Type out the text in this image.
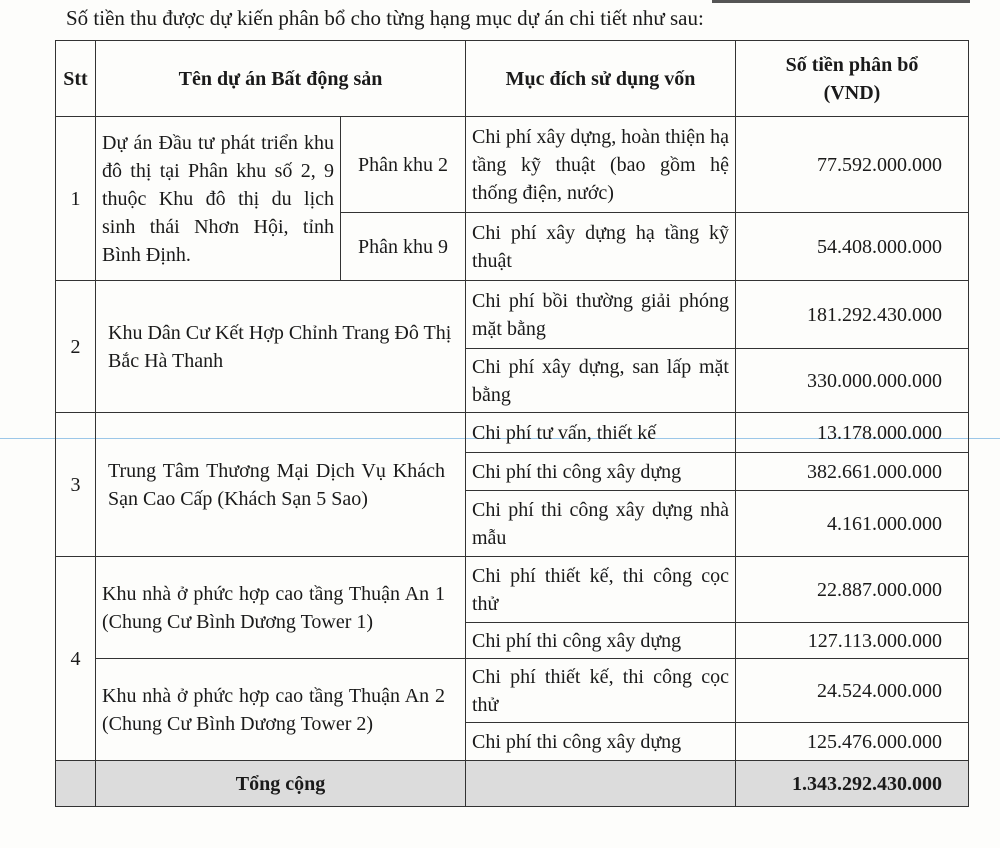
Số tiền thu được dự kiến phân bổ cho từng hạng mục dự án chi tiết như sau:
Stt	Tên dự án Bất động sản		Mục đích sử dụng vốn	Số tiền phân bổ (VND)
1	Dự án Đầu tư phát triển khu đô thị tại Phân khu số 2, 9 thuộc Khu đô thị du lịch sinh thái Nhơn Hội, tỉnh Bình Định.	Phân khu 2	Chi phí xây dựng, hoàn thiện hạ tầng kỹ thuật (bao gồm hệ thống điện, nước)	77.592.000.000
		Phân khu 9	Chi phí xây dựng hạ tầng kỹ thuật	54.408.000.000
2	Khu Dân Cư Kết Hợp Chỉnh Trang Đô Thị Bắc Hà Thanh		Chi phí bồi thường giải phóng mặt bằng	181.292.430.000
			Chi phí xây dựng, san lấp mặt bằng	330.000.000.000
3	Trung Tâm Thương Mại Dịch Vụ Khách Sạn Cao Cấp (Khách Sạn 5 Sao)		Chi phí tư vấn, thiết kế	13.178.000.000
			Chi phí thi công xây dựng	382.661.000.000
			Chi phí thi công xây dựng nhà mẫu	4.161.000.000
4	Khu nhà ở phức hợp cao tầng Thuận An 1 (Chung Cư Bình Dương Tower 1)		Chi phí thiết kế, thi công cọc thử	22.887.000.000
			Chi phí thi công xây dựng	127.113.000.000
	Khu nhà ở phức hợp cao tầng Thuận An 2 (Chung Cư Bình Dương Tower 2)		Chi phí thiết kế, thi công cọc thử	24.524.000.000
			Chi phí thi công xây dựng	125.476.000.000
	Tổng cộng			1.343.292.430.000
